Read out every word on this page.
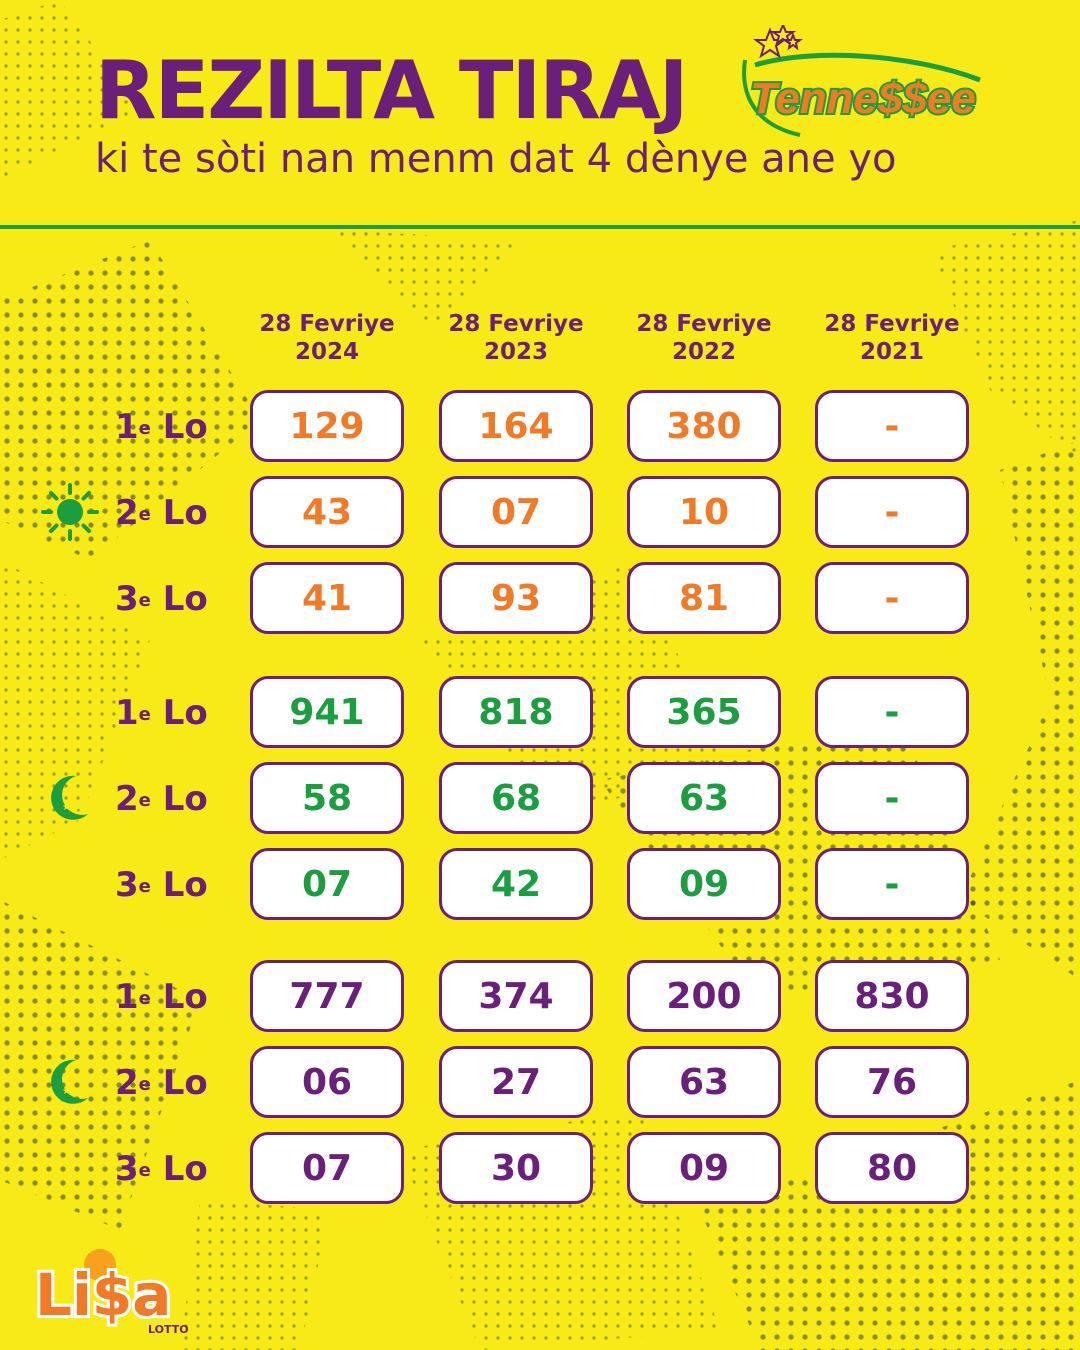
REZILTA TIRAJ

ki te sòti nan menm dat 4 dènye ane yo

Tenne$$ee
28 Fevriye
2024
28 Fevriye
2023
28 Fevriye
2022
28 Fevriye
2021
1e Lo	129	164	380	-
2e Lo	43	07	10	-
3e Lo	41	93	81	-
★
★ ★
1e Lo	941	818	365	-
2e Lo	58	68	63	-
3e Lo	07	42	09	-
★
★ ★
1e Lo	777	374	200	830
2e Lo	06	27	63	76
3e Lo	07	30	09	80
Li$a
LOTTO
